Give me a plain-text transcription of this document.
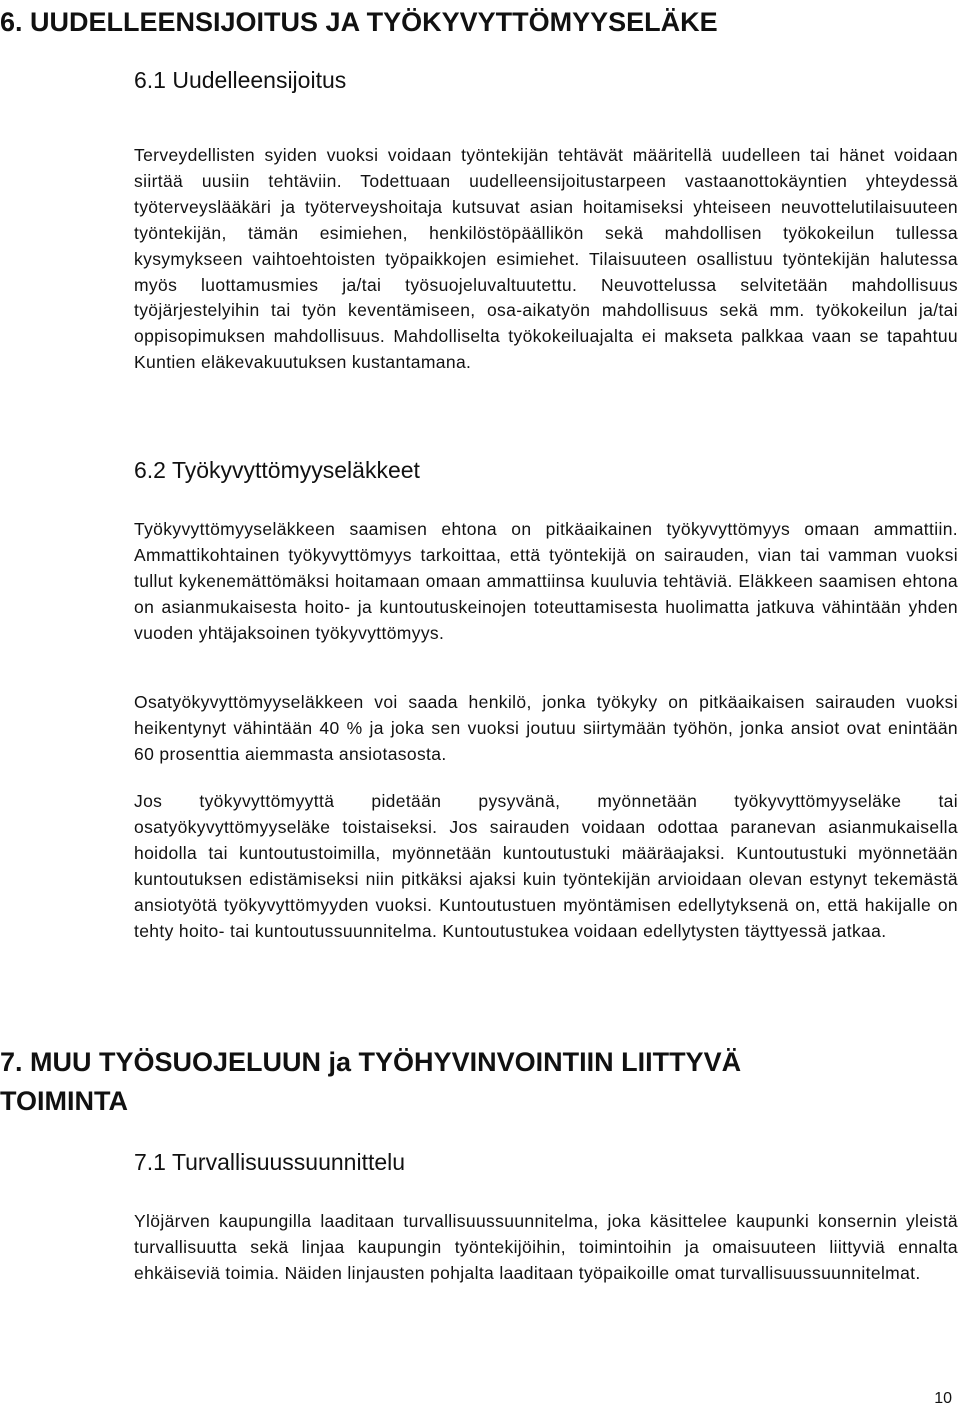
6. UUDELLEENSIJOITUS JA TYÖKYVYTTÖMYYSELÄKE
6.1 Uudelleensijoitus

Terveydellisten syiden vuoksi voidaan työntekijän tehtävät määritellä uudelleen tai hänet voidaan siirtää uusiin tehtäviin. Todettuaan uudelleensijoitustarpeen vastaanottokäyntien yhteydessä työterveyslääkäri ja työterveyshoitaja kutsuvat asian hoitamiseksi yhteiseen neuvottelutilaisuuteen työntekijän, tämän esimiehen, henkilöstöpäällikön sekä mahdollisen työkokeilun tullessa kysymykseen vaihtoehtoisten työpaikkojen esimiehet. Tilaisuuteen osallistuu työntekijän halutessa myös luottamusmies ja/tai työsuojeluvaltuutettu. Neuvottelussa selvitetään mahdollisuus työjärjestelyihin tai työn keventämiseen, osa-aikatyön mahdollisuus sekä mm. työkokeilun ja/tai oppisopimuksen mahdollisuus. Mahdolliselta työkokeiluajalta ei makseta palkkaa vaan se tapahtuu Kuntien eläkevakuutuksen kustantamana.

6.2 Työkyvyttömyyseläkkeet

Työkyvyttömyyseläkkeen saamisen ehtona on pitkäaikainen työkyvyttömyys omaan ammattiin. Ammattikohtainen työkyvyttömyys tarkoittaa, että työntekijä on sairauden, vian tai vamman vuoksi tullut kykenemättömäksi hoitamaan omaan ammattiinsa kuuluvia tehtäviä. Eläkkeen saamisen ehtona on asianmukaisesta hoito- ja kuntoutuskeinojen toteuttamisesta huolimatta jatkuva vähintään yhden vuoden yhtäjaksoinen työkyvyttömyys.

Osatyökyvyttömyyseläkkeen voi saada henkilö, jonka työkyky on pitkäaikaisen sairauden vuoksi heikentynyt vähintään 40 % ja joka sen vuoksi joutuu siirtymään työhön, jonka ansiot ovat enintään 60 prosenttia aiemmasta ansiotasosta.

Jos työkyvyttömyyttä pidetään pysyvänä, myönnetään työkyvyttömyyseläke tai osatyökyvyttömyyseläke toistaiseksi. Jos sairauden voidaan odottaa paranevan asianmukaisella hoidolla tai kuntoutustoimilla, myönnetään kuntoutustuki määräajaksi. Kuntoutustuki myönnetään kuntoutuksen edistämiseksi niin pitkäksi ajaksi kuin työntekijän arvioidaan olevan estynyt tekemästä ansiotyötä työkyvyttömyyden vuoksi. Kuntoutustuen myöntämisen edellytyksenä on, että hakijalle on tehty hoito- tai kuntoutussuunnitelma. Kuntoutustukea voidaan edellytysten täyttyessä jatkaa.

7. MUU TYÖSUOJELUUN ja TYÖHYVINVOINTIIN LIITTYVÄ
TOIMINTA
7.1 Turvallisuussuunnittelu

Ylöjärven kaupungilla laaditaan turvallisuussuunnitelma, joka käsittelee kaupunki konsernin yleistä turvallisuutta sekä linjaa kaupungin työntekijöihin, toimintoihin ja omaisuuteen liittyviä ennalta ehkäiseviä toimia. Näiden linjausten pohjalta laaditaan työpaikoille omat turvallisuussuunnitelmat.

10
